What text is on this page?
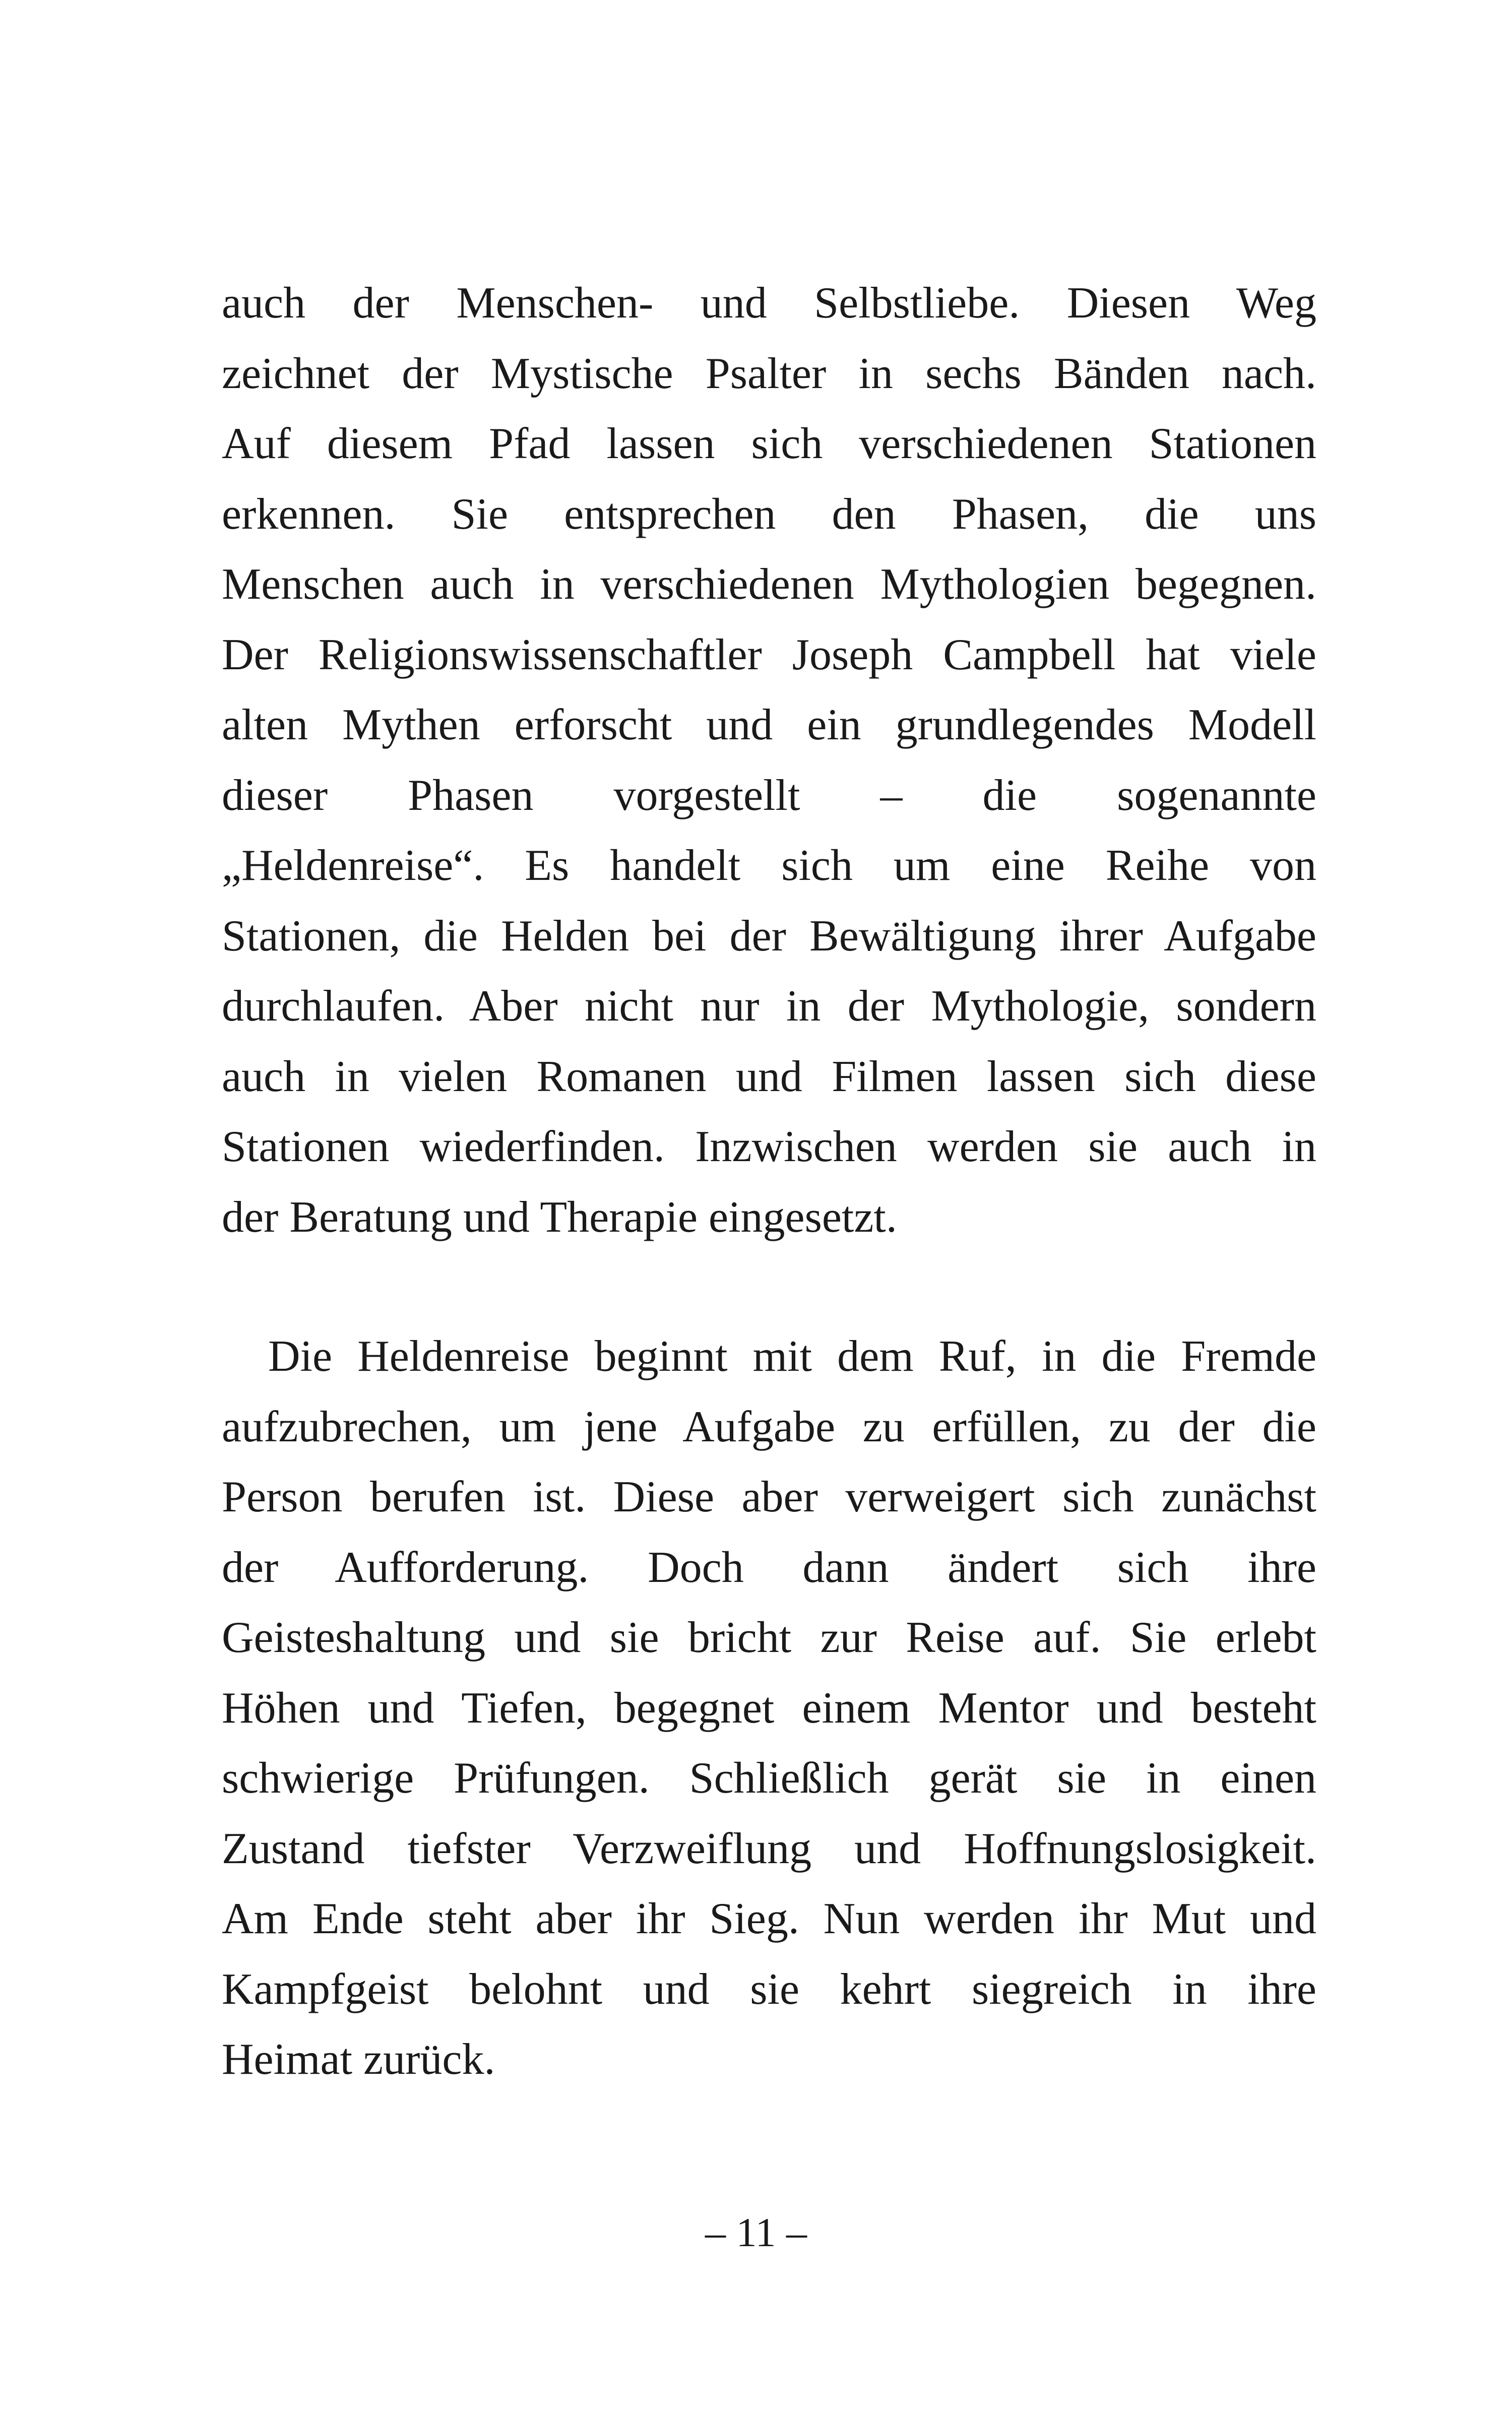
auch der Menschen- und Selbstliebe. Diesen Weg
zeichnet der Mystische Psalter in sechs Bänden nach.
Auf diesem Pfad lassen sich verschiedenen Stationen
erkennen. Sie entsprechen den Phasen, die uns
Menschen auch in verschiedenen Mythologien begegnen.
Der Religionswissenschaftler Joseph Campbell hat viele
alten Mythen erforscht und ein grundlegendes Modell
dieser Phasen vorgestellt – die sogenannte
„Heldenreise“. Es handelt sich um eine Reihe von
Stationen, die Helden bei der Bewältigung ihrer Aufgabe
durchlaufen. Aber nicht nur in der Mythologie, sondern
auch in vielen Romanen und Filmen lassen sich diese
Stationen wiederfinden. Inzwischen werden sie auch in
der Beratung und Therapie eingesetzt.
Die Heldenreise beginnt mit dem Ruf, in die Fremde
aufzubrechen, um jene Aufgabe zu erfüllen, zu der die
Person berufen ist. Diese aber verweigert sich zunächst
der Aufforderung. Doch dann ändert sich ihre
Geisteshaltung und sie bricht zur Reise auf. Sie erlebt
Höhen und Tiefen, begegnet einem Mentor und besteht
schwierige Prüfungen. Schließlich gerät sie in einen
Zustand tiefster Verzweiflung und Hoffnungslosigkeit.
Am Ende steht aber ihr Sieg. Nun werden ihr Mut und
Kampfgeist belohnt und sie kehrt siegreich in ihre
Heimat zurück.
– 11 –
